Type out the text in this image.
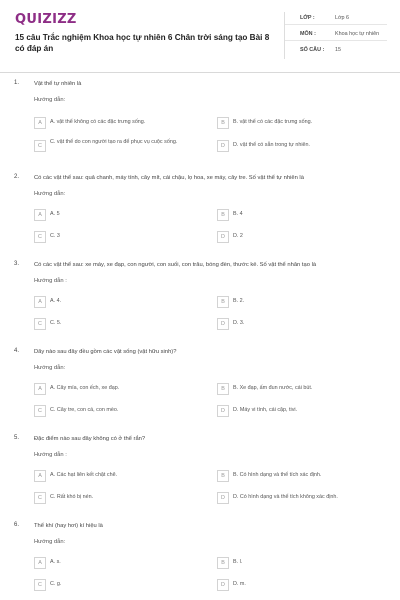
QUIZIZZ
15 câu Trắc nghiệm Khoa học tự nhiên 6 Chân trời sáng tạo Bài 8 có đáp án
LỚP :	Lớp 6
MÔN :	Khoa học tự nhiên
SỐ CÂU : 15
1.	Vật thể tự nhiên là
Hướng dẫn:
A	A. vật thể không có các đặc trưng sống.	B	B. vật thể có các đặc trưng sống.
C
C. vật thể do con người tạo ra để phục vụ cuộc sống.
D	D. vật thể có sẵn trong tự nhiên.
2.	Có các vật thể sau: quả chanh, máy tính, cây mít, cái chậu, lọ hoa, xe máy, cây tre. Số vật thể tự nhiên là
Hướng dẫn:
A	A. 5	B	B. 4
C	C. 3	D	D. 2
3.	Có các vật thể sau: xe máy, xe đạp, con người, con suối, con trâu, bóng đèn, thước kẻ. Số vật thể nhân tạo là
Hướng dẫn :
A	A. 4.	B	B. 2.
C	C. 5.	D	D. 3.
4.	Dãy nào sau đây đều gồm các vật sống (vật hữu sinh)?
Hướng dẫn:
A	A. Cây mía, con ếch, xe đạp.	B	B. Xe đạp, ấm đun nước, cái bút.
C	C. Cây tre, con cá, con mèo.	D	D. Máy vi tính, cái cặp, tivi.
5.	Đặc điểm nào sau đây không có ở thể rắn?
Hướng dẫn :
A	A. Các hạt liên kết chặt chẽ.	B	B. Có hình dạng và thể tích xác định.
C	C. Rất khó bị nén.	D	D. Có hình dạng và thể tích không xác định.
6.	Thể khí (hay hơi) kí hiệu là
Hướng dẫn:
A	A. s.	B	B. l.
C	C. g.	D	D. m.
